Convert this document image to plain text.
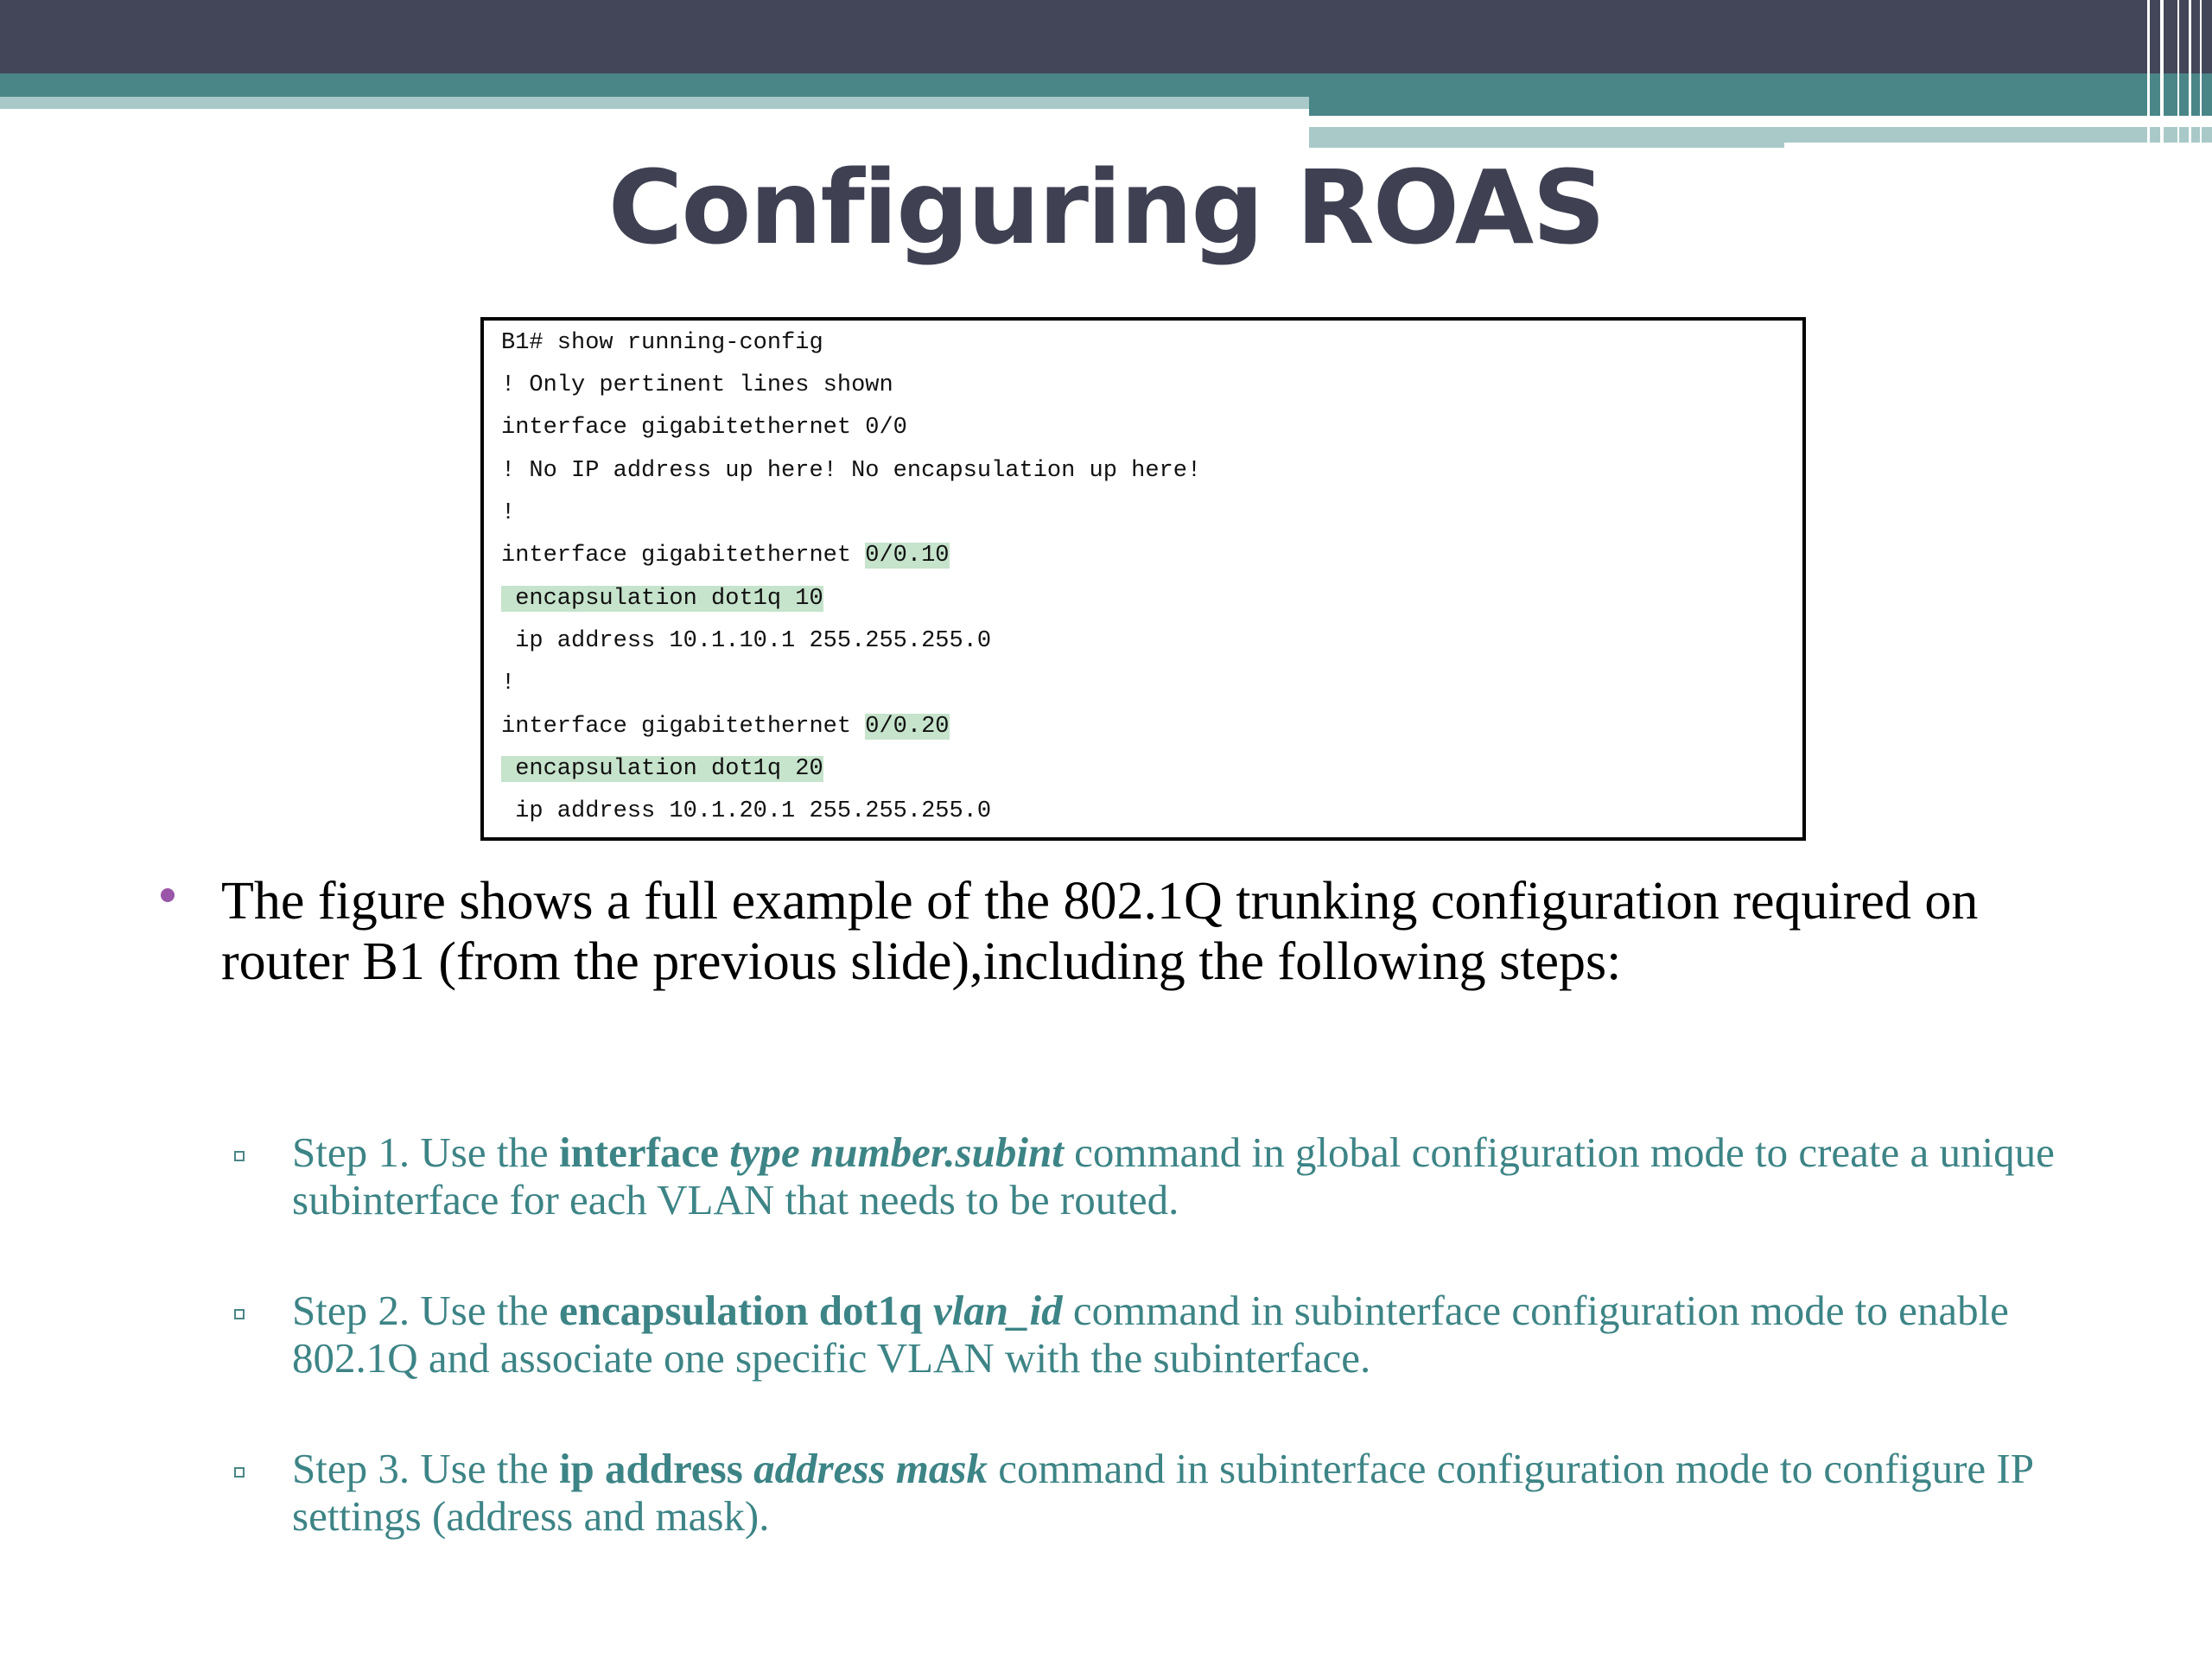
Configuring ROAS
B1# show running-config
! Only pertinent lines shown
interface gigabitethernet 0/0
! No IP address up here! No encapsulation up here!
!
interface gigabitethernet 0/0.10
encapsulation dot1q 10
ip address 10.1.10.1 255.255.255.0
!
interface gigabitethernet 0/0.20
encapsulation dot1q 20
ip address 10.1.20.1 255.255.255.0
The figure shows a full example of the 802.1Q trunking configuration required on router B1 (from the previous slide),including the following steps:
Step 1. Use the interface type number.subint command in global configuration mode to create a unique subinterface for each VLAN that needs to be routed.
Step 2. Use the encapsulation dot1q vlan_id command in subinterface configuration mode to enable 802.1Q and associate one specific VLAN with the subinterface.
Step 3. Use the ip address address mask command in subinterface configuration mode to configure IP settings (address and mask).
